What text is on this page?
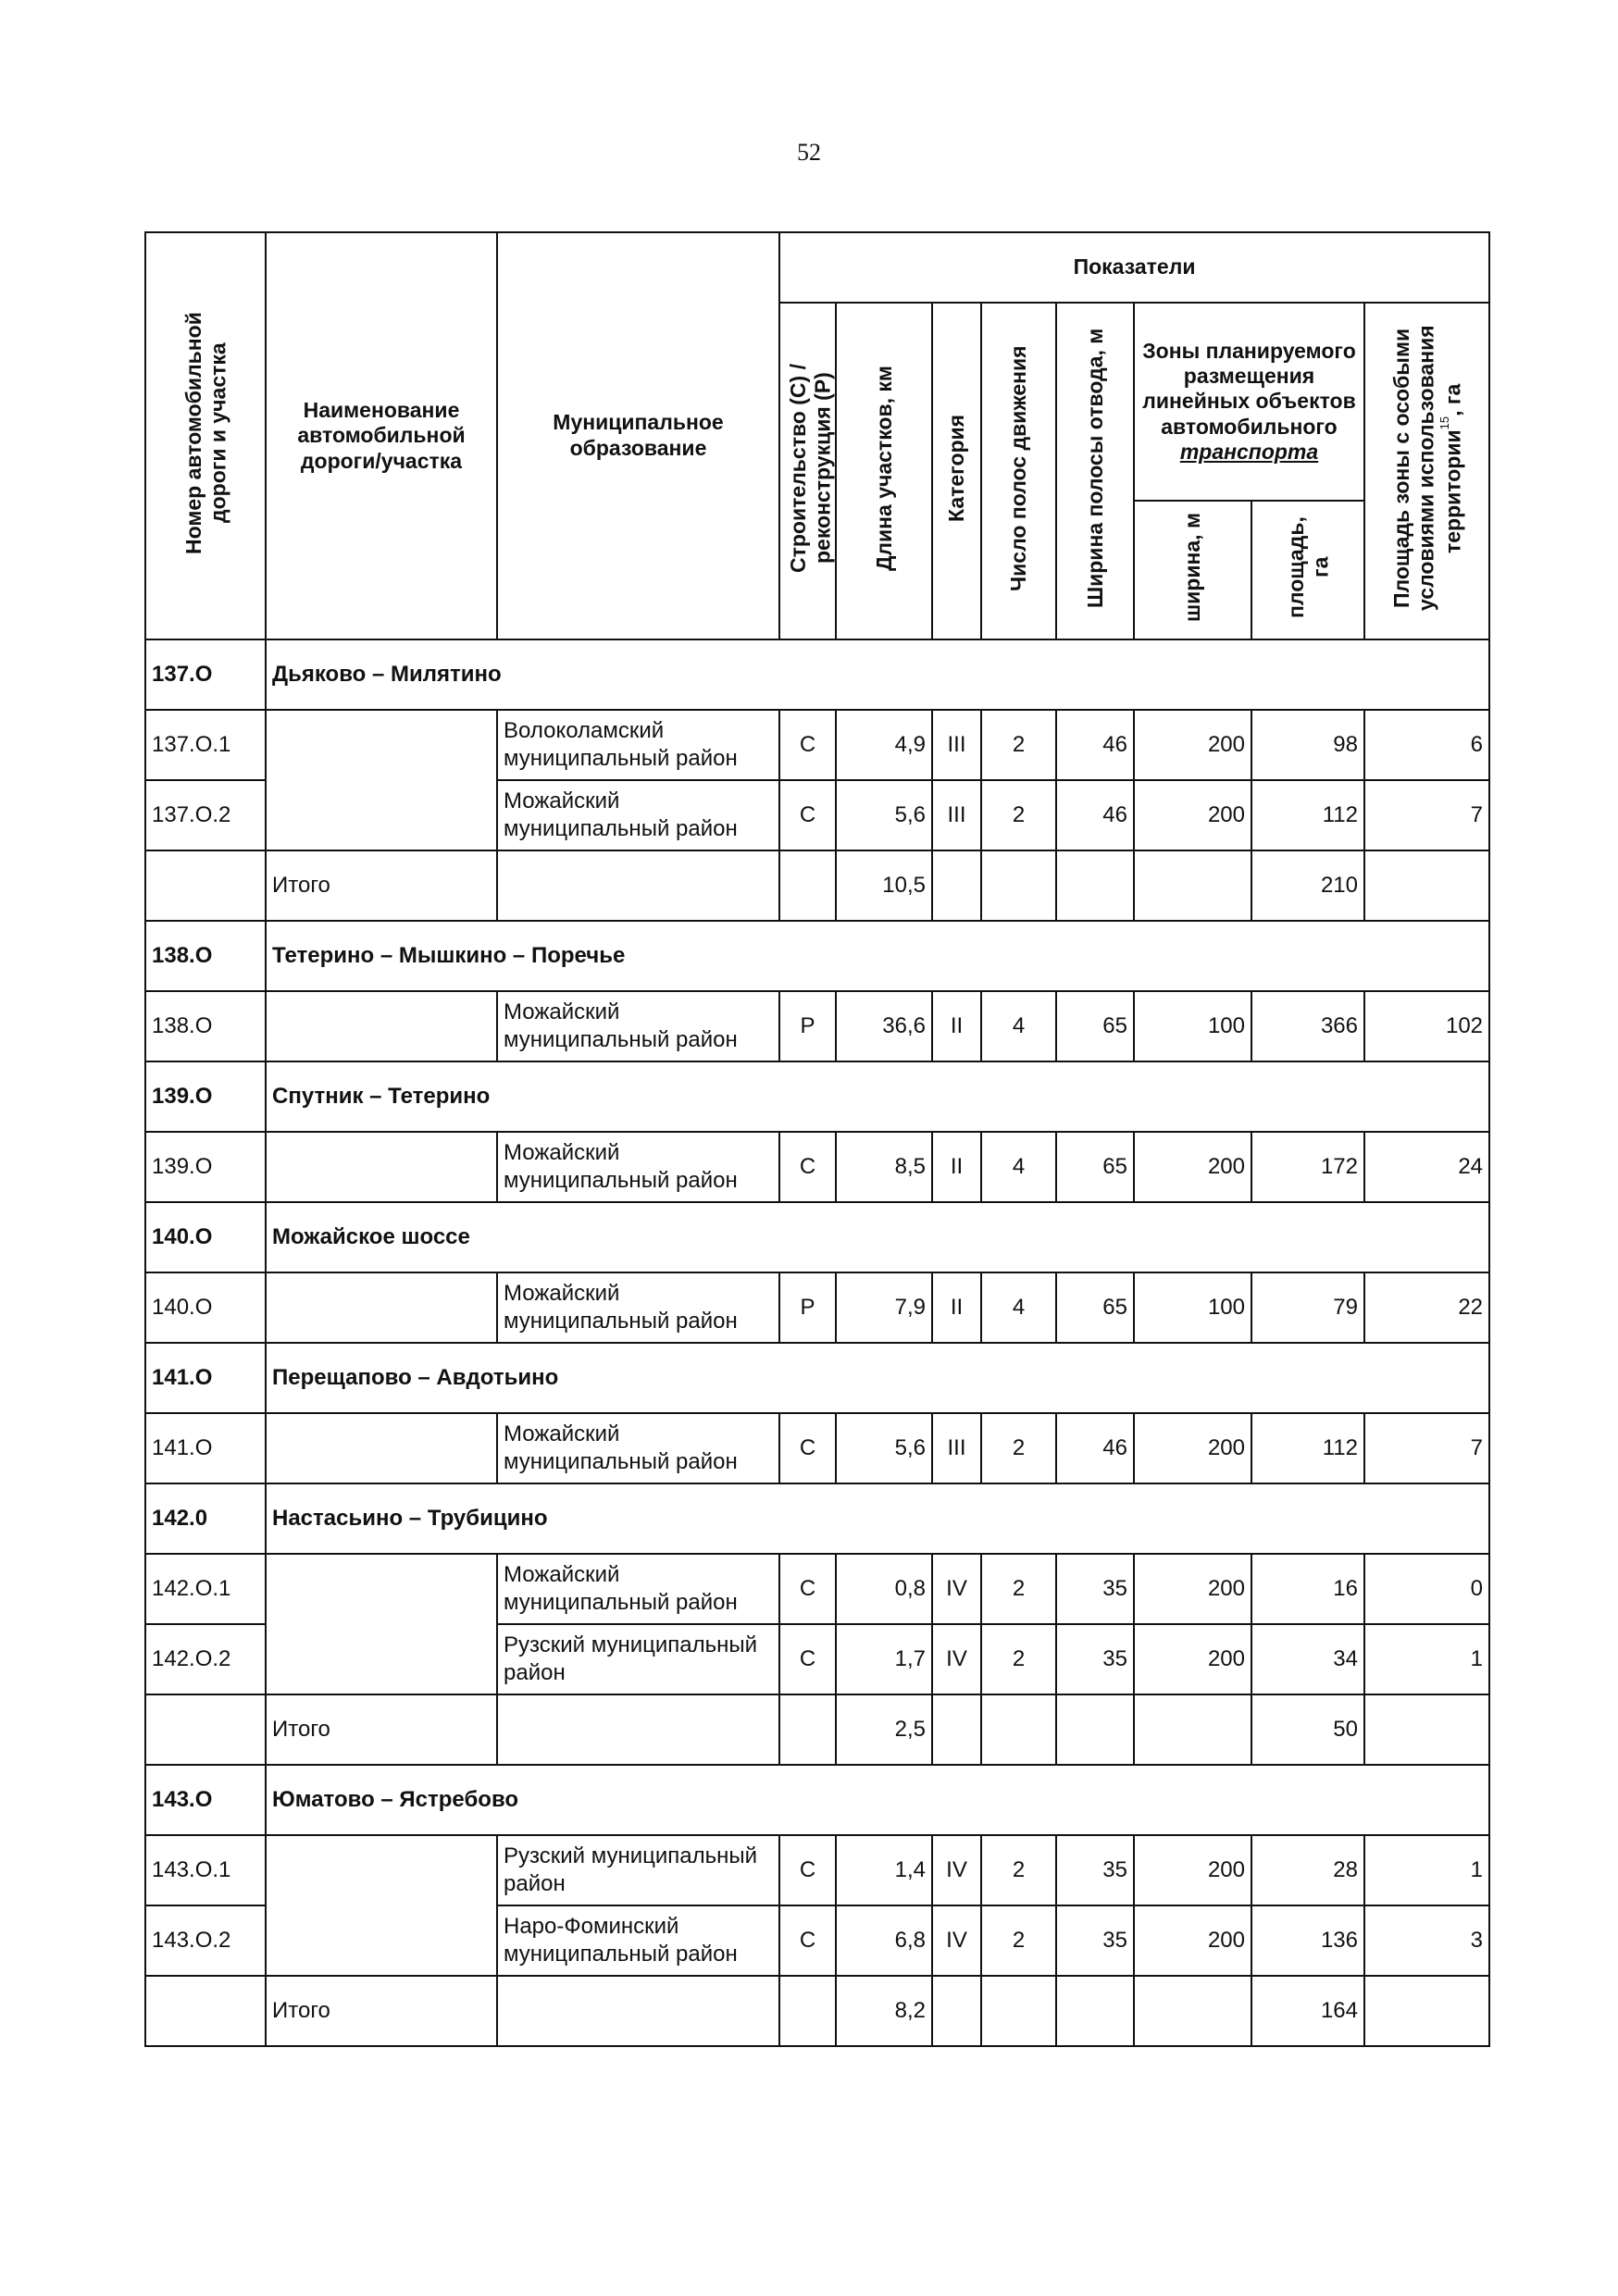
52
Номер автомобильной дороги и участка	Наименование автомобильной дороги/участка	Муниципальное образование	Показатели							
			Строительство (С) / реконструкция (Р)	Длина участков, км	Категория	Число полос движения	Ширина полосы отвода, м	Зоны планируемого размещения линейных объектов автомобильного транспорта		Площадь зоны с особыми условиями использования территории$^{15}$, га
								ширина, м	площадь, га	
137.О	Дьяково – Милятино									
137.О.1		Волоколамский муниципальный район	С	4,9	III	2	46	200	98	6
137.О.2		Можайский муниципальный район	С	5,6	III	2	46	200	112	7
	Итого			10,5					210	
138.О	Тетерино – Мышкино – Поречье									
138.О		Можайский муниципальный район	Р	36,6	II	4	65	100	366	102
139.О	Спутник – Тетерино									
139.О		Можайский муниципальный район	С	8,5	II	4	65	200	172	24
140.О	Можайское шоссе									
140.О		Можайский муниципальный район	Р	7,9	II	4	65	100	79	22
141.О	Перещапово – Авдотьино									
141.О		Можайский муниципальный район	С	5,6	III	2	46	200	112	7
142.0	Настасьино – Трубицино									
142.О.1		Можайский муниципальный район	С	0,8	IV	2	35	200	16	0
142.О.2		Рузский муниципальный район	С	1,7	IV	2	35	200	34	1
	Итого			2,5					50	
143.О	Юматово – Ястребово									
143.О.1		Рузский муниципальный район	С	1,4	IV	2	35	200	28	1
143.О.2		Наро-Фоминский муниципальный район	С	6,8	IV	2	35	200	136	3
	Итого			8,2					164	
